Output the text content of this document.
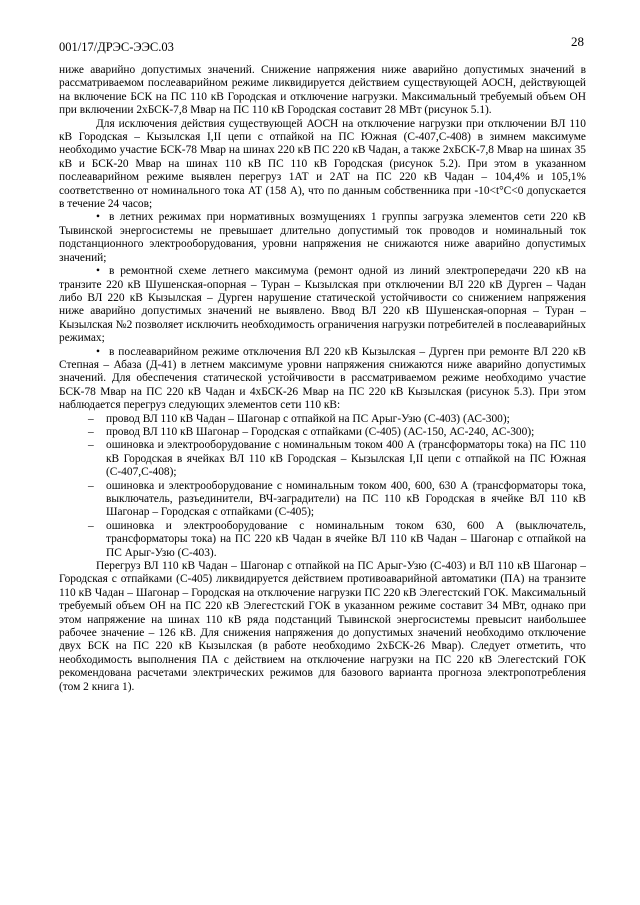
001/17/ДРЭС-ЭЭС.03	28

ниже аварийно допустимых значений. Снижение напряжения ниже аварийно допустимых значений в рассматриваемом послеаварийном режиме ликвидируется действием существующей АОСН, действующей на включение БСК на ПС 110 кВ Городская и отключение нагрузки. Максимальный требуемый объем ОН при включении 2хБСК-7,8 Мвар на ПС 110 кВ Городская составит 28 МВт (рисунок 5.1).

Для исключения действия существующей АОСН на отключение нагрузки при отключении ВЛ 110 кВ Городская – Кызылская I,II цепи с отпайкой на ПС Южная (С-407,С-408) в зимнем максимуме необходимо участие БСК-78 Мвар на шинах 220 кВ ПС 220 кВ Чадан, а также 2хБСК-7,8 Мвар на шинах 35 кВ и БСК-20 Мвар на шинах 110 кВ ПС 110 кВ Городская (рисунок 5.2). При этом в указанном послеаварийном режиме выявлен перегруз 1АТ и 2АТ на ПС 220 кВ Чадан – 104,4% и 105,1% соответственно от номинального тока АТ (158 А), что по данным собственника при -10<t°C<0 допускается в течение 24 часов;

• в летних режимах при нормативных возмущениях 1 группы загрузка элементов сети 220 кВ Тывинской энергосистемы не превышает длительно допустимый ток проводов и номинальный ток подстанционного электрооборудования, уровни напряжения не снижаются ниже аварийно допустимых значений;
• в ремонтной схеме летнего максимума (ремонт одной из линий электропередачи 220 кВ на транзите 220 кВ Шушенская-опорная – Туран – Кызылская при отключении ВЛ 220 кВ Дурген – Чадан либо ВЛ 220 кВ Кызылская – Дурген нарушение статической устойчивости со снижением напряжения ниже аварийно допустимых значений не выявлено. Ввод ВЛ 220 кВ Шушенская-опорная – Туран – Кызылская №2 позволяет исключить необходимость ограничения нагрузки потребителей в послеаварийных режимах;
• в послеаварийном режиме отключения ВЛ 220 кВ Кызылская – Дурген при ремонте ВЛ 220 кВ Степная – Абаза (Д-41) в летнем максимуме уровни напряжения снижаются ниже аварийно допустимых значений. Для обеспечения статической устойчивости в рассматриваемом режиме необходимо участие БСК-78 Мвар на ПС 220 кВ Чадан и 4хБСК-26 Мвар на ПС 220 кВ Кызылская (рисунок 5.3). При этом наблюдается перегруз следующих элементов сети 110 кВ:
– провод ВЛ 110 кВ Чадан – Шагонар с отпайкой на ПС Арыг-Узю (С-403) (АС-300);
– провод ВЛ 110 кВ Шагонар – Городская с отпайками (С-405) (АС-150, АС-240, АС-300);
– ошиновка и электрооборудование с номинальным током 400 А (трансформаторы тока) на ПС 110 кВ Городская в ячейках ВЛ 110 кВ Городская – Кызылская I,II цепи с отпайкой на ПС Южная (С-407,С-408);
– ошиновка и электрооборудование с номинальным током 400, 600, 630 А (трансформаторы тока, выключатель, разъединители, ВЧ-заградители) на ПС 110 кВ Городская в ячейке ВЛ 110 кВ Шагонар – Городская с отпайками (С-405);
– ошиновка и электрооборудование с номинальным током 630, 600 А (выключатель, трансформаторы тока) на ПС 220 кВ Чадан в ячейке ВЛ 110 кВ Чадан – Шагонар с отпайкой на ПС Арыг-Узю (С-403).

Перегруз ВЛ 110 кВ Чадан – Шагонар с отпайкой на ПС Арыг-Узю (С-403) и ВЛ 110 кВ Шагонар – Городская с отпайками (С-405) ликвидируется действием противоаварийной автоматики (ПА) на транзите 110 кВ Чадан – Шагонар – Городская на отключение нагрузки ПС 220 кВ Элегестский ГОК. Максимальный требуемый объем ОН на ПС 220 кВ Элегестский ГОК в указанном режиме составит 34 МВт, однако при этом напряжение на шинах 110 кВ ряда подстанций Тывинской энергосистемы превысит наибольшее рабочее значение – 126 кВ. Для снижения напряжения до допустимых значений необходимо отключение двух БСК на ПС 220 кВ Кызылская (в работе необходимо 2хБСК-26 Мвар). Следует отметить, что необходимость выполнения ПА с действием на отключение нагрузки на ПС 220 кВ Элегестский ГОК рекомендована расчетами электрических режимов для базового варианта прогноза электропотребления (том 2 книга 1).
